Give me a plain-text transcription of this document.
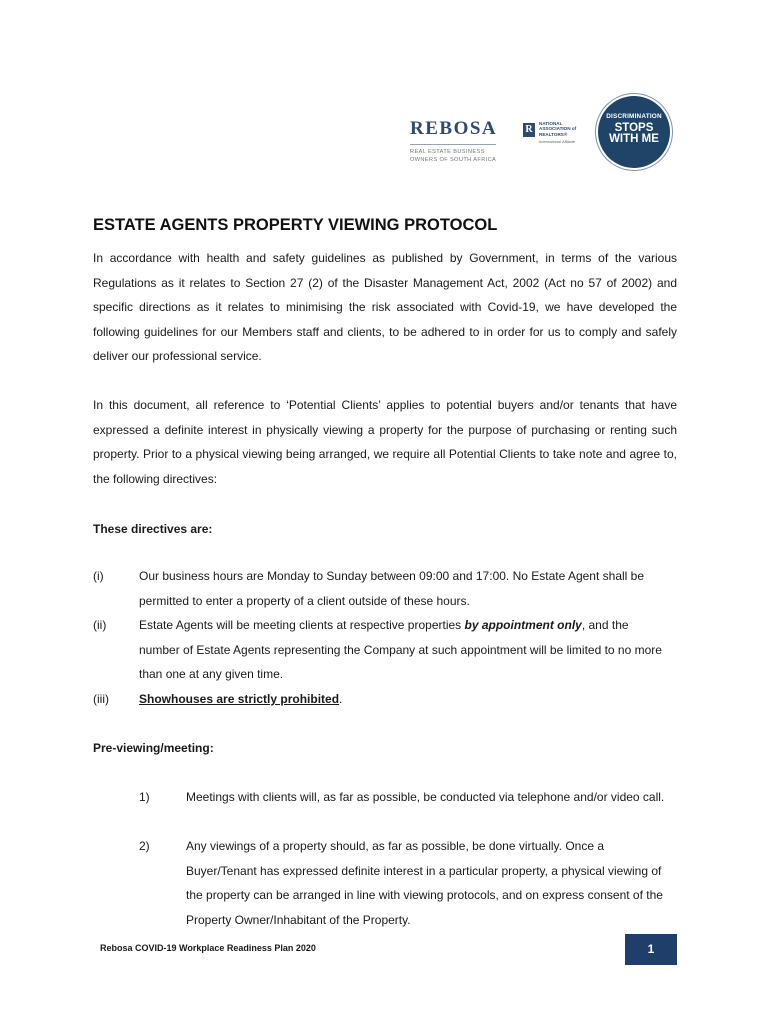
REBOSA
REAL ESTATE BUSINESS
OWNERS OF SOUTH AFRICA
R
NATIONAL
ASSOCIATION of
REALTORS®
International Affiliate
DISCRIMINATION
STOPS
WITH ME
ESTATE AGENTS PROPERTY VIEWING PROTOCOL
In accordance with health and safety guidelines as published by Government, in terms of the various Regulations as it relates to Section 27 (2) of the Disaster Management Act, 2002 (Act no 57 of 2002) and specific directions as it relates to minimising the risk associated with Covid-19, we have developed the following guidelines for our Members staff and clients, to be adhered to in order for us to comply and safely deliver our professional service.
In this document, all reference to ‘Potential Clients’ applies to potential buyers and/or tenants that have expressed a definite interest in physically viewing a property for the purpose of purchasing or renting such property. Prior to a physical viewing being arranged, we require all Potential Clients to take note and agree to, the following directives:
These directives are:
(i)	Our business hours are Monday to Sunday between 09:00 and 17:00. No Estate Agent shall be permitted to enter a property of a client outside of these hours.
(ii)	Estate Agents will be meeting clients at respective properties by appointment only, and the number of Estate Agents representing the Company at such appointment will be limited to no more than one at any given time.
(iii)	Showhouses are strictly prohibited.
Pre-viewing/meeting:
1)	Meetings with clients will, as far as possible, be conducted via telephone and/or video call.
2)	Any viewings of a property should, as far as possible, be done virtually. Once a Buyer/Tenant has expressed definite interest in a particular property, a physical viewing of the property can be arranged in line with viewing protocols, and on express consent of the Property Owner/Inhabitant of the Property.
Rebosa COVID-19 Workplace Readiness Plan 2020	1
